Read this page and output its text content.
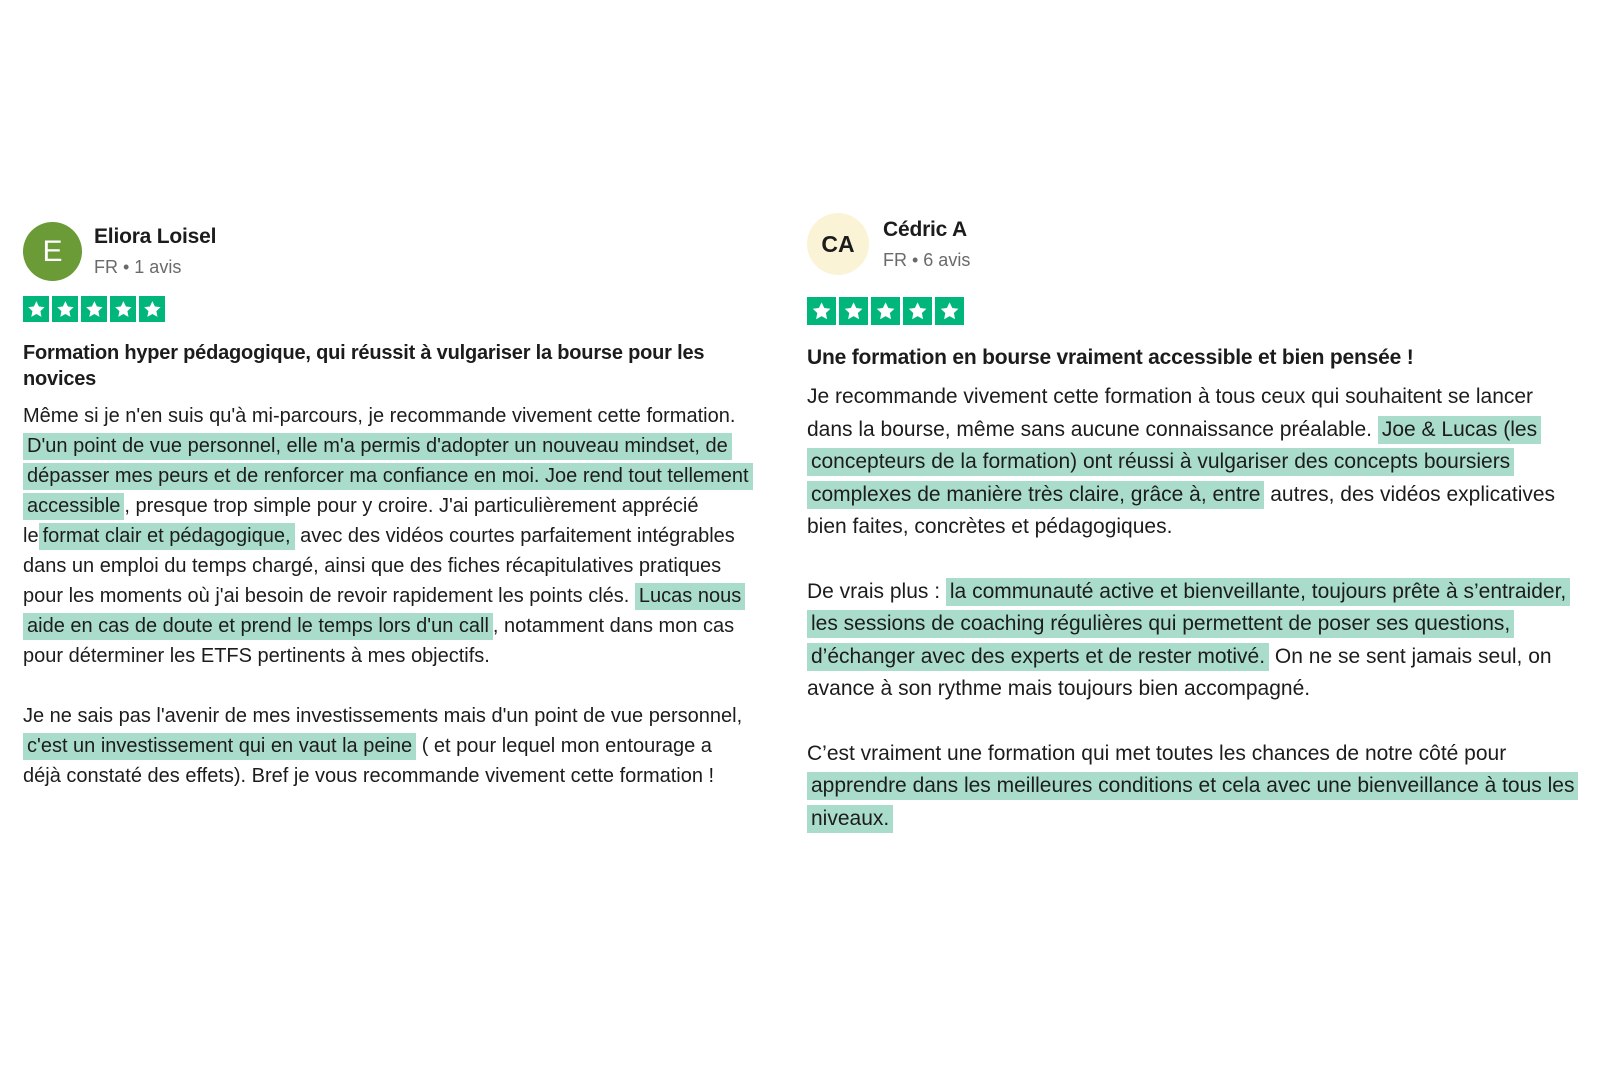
E	Eliora Loisel
FR • 1 avis
Formation hyper pédagogique, qui réussit à vulgariser la bourse pour les novices

Même si je n'en suis qu'à mi-parcours, je recommande vivement cette formation. D'un point de vue personnel, elle m'a permis d'adopter un nouveau mindset, de dépasser mes peurs et de renforcer ma confiance en moi. Joe rend tout tellement accessible , presque trop simple pour y croire. J'ai particulièrement apprécié le format clair et pédagogique, avec des vidéos courtes parfaitement intégrables dans un emploi du temps chargé, ainsi que des fiches récapitulatives pratiques pour les moments où j'ai besoin de revoir rapidement les points clés. Lucas nous aide en cas de doute et prend le temps lors d'un call , notamment dans mon cas pour déterminer les ETFS pertinents à mes objectifs.

Je ne sais pas l'avenir de mes investissements mais d'un point de vue personnel, c'est un investissement qui en vaut la peine ( et pour lequel mon entourage a déjà constaté des effets). Bref je vous recommande vivement cette formation !

CA
Cédric A
FR • 6 avis
Une formation en bourse vraiment accessible et bien pensée !

Je recommande vivement cette formation à tous ceux qui souhaitent se lancer dans la bourse, même sans aucune connaissance préalable. Joe & Lucas (les concepteurs de la formation) ont réussi à vulgariser des concepts boursiers complexes de manière très claire, grâce à, entre autres, des vidéos explicatives bien faites, concrètes et pédagogiques.

De vrais plus : la communauté active et bienveillante, toujours prête à s’entraider, les sessions de coaching régulières qui permettent de poser ses questions, d’échanger avec des experts et de rester motivé. On ne se sent jamais seul, on avance à son rythme mais toujours bien accompagné.

C’est vraiment une formation qui met toutes les chances de notre côté pour apprendre dans les meilleures conditions et cela avec une bienveillance à tous les niveaux.
